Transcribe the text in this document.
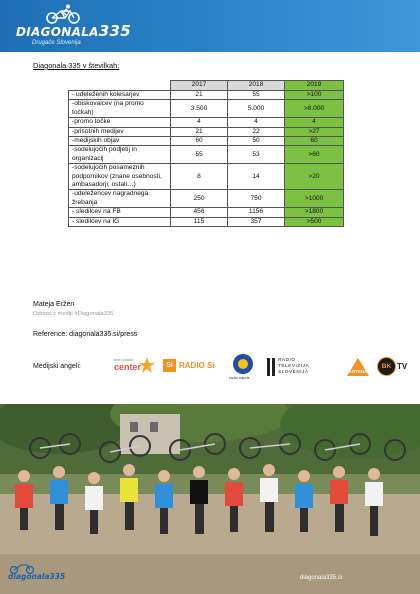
DIAGONALA335
Drugače Slovenija
Diagonala 335 v številkah:
	2017	2018	2019
- udeleženih kolesarjev	21	55	>100
-obiskovalcev (na promo točkah)	3.500	5.000	>8.000
-promo točke	4	4	4
-prisotnih medijev	21	22	>27
-medijskih objav	60	50	60
-sodelujočih podjetij in organizacij	55	53	>60
-sodelujočih posameznih podpornikov (znane osebnosti, ambasadorji, ostali…)	8	14	>20
-udeležencev nagradnega žrebanja	250	750	>1000
- sledilcev na FB	456	1156	>1800
- sledilcev na IG	115	357	>500
Mateja Eržen
Odnosi z mediji #Diagonala335
Reference: diagonala335.si/press
Medijski angeli:
ime kanala
center	Si RADIO Si
radio capris
RADIO
TELEVIZIJA
SLOVENIJA	ANTENA
BK TV
diagonala335	diagonala335.si
